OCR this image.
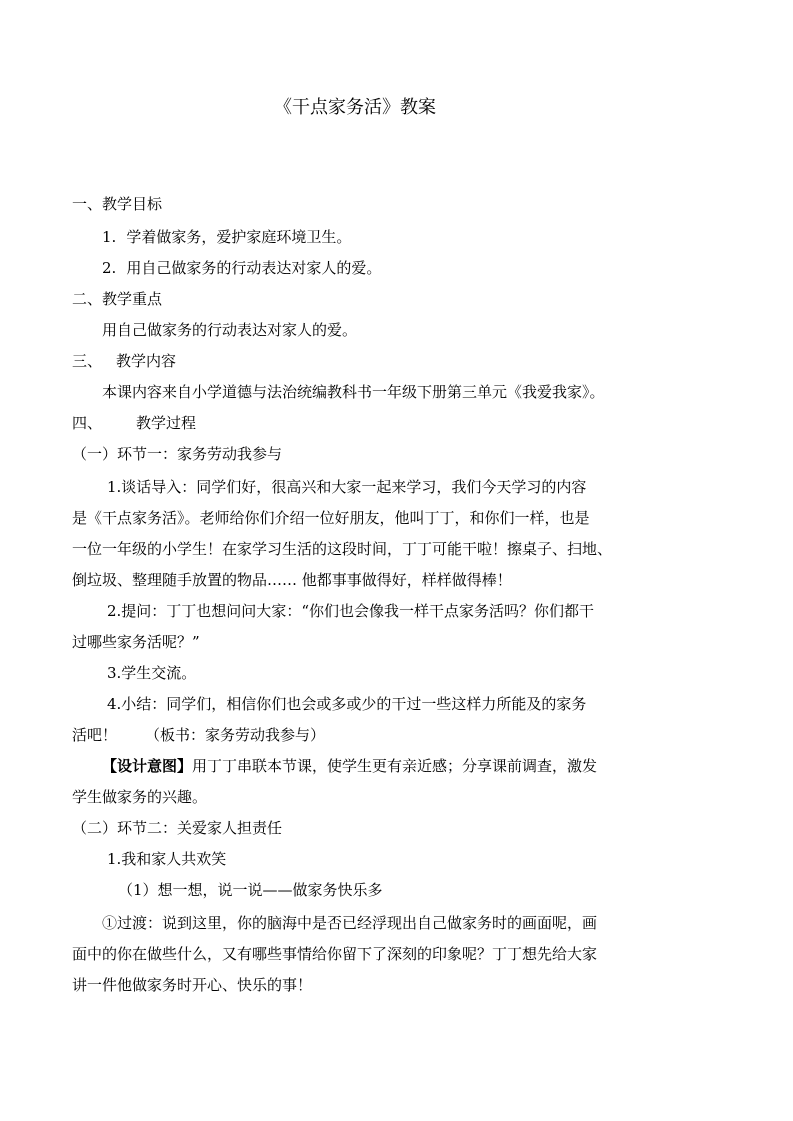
《干点家务活》教案
一、教学目标
1. 学着做家务，爱护家庭环境卫生。
2. 用自己做家务的行动表达对家人的爱。
二、教学重点
用自己做家务的行动表达对家人的爱。
三、 教学内容
本课内容来自小学道德与法治统编教科书一年级下册第三单元《我爱我家》。
四、 教学过程
（一）环节一：家务劳动我参与
1.谈话导入：同学们好，很高兴和大家一起来学习，我们今天学习的内容
是《干点家务活》。老师给你们介绍一位好朋友，他叫丁丁，和你们一样，也是
一位一年级的小学生！在家学习生活的这段时间，丁丁可能干啦！擦桌子、扫地、
倒垃圾、整理随手放置的物品…… 他都事事做得好，样样做得棒！
2.提问：丁丁也想问问大家：“你们也会像我一样干点家务活吗？你们都干
过哪些家务活呢？”
3.学生交流。
4.小结：同学们，相信你们也会或多或少的干过一些这样力所能及的家务
活吧！ （板书：家务劳动我参与）
【设计意图】用丁丁串联本节课，使学生更有亲近感；分享课前调查，激发
学生做家务的兴趣。
（二）环节二：关爱家人担责任
1.我和家人共欢笑
（1）想一想，说一说——做家务快乐多
①过渡：说到这里，你的脑海中是否已经浮现出自己做家务时的画面呢，画
面中的你在做些什么，又有哪些事情给你留下了深刻的印象呢？丁丁想先给大家
讲一件他做家务时开心、快乐的事！
